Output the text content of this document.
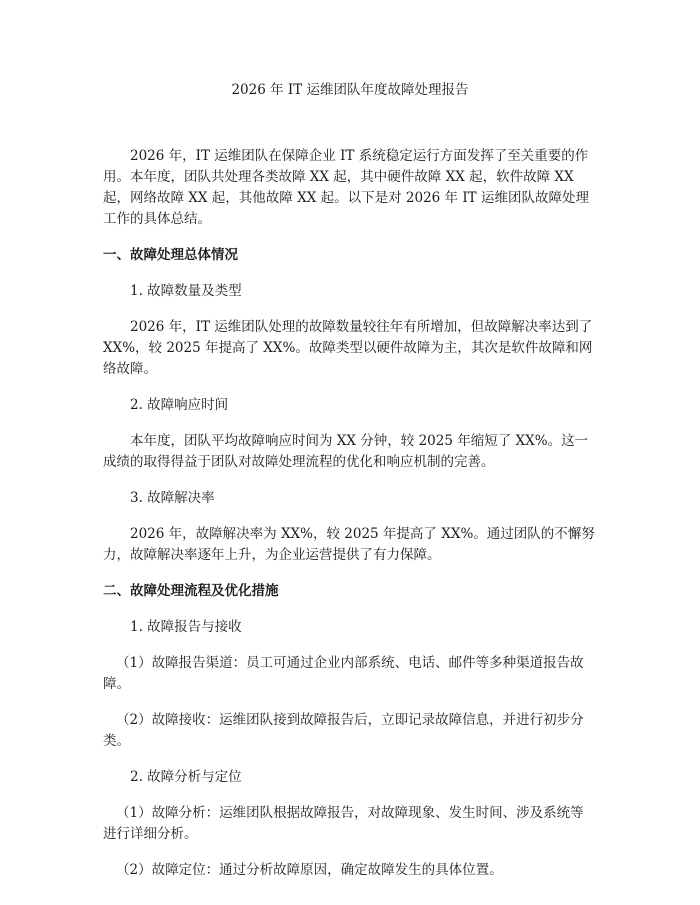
2026 年 IT 运维团队年度故障处理报告

2026 年，IT 运维团队在保障企业 IT 系统稳定运行方面发挥了至关重要的作用。本年度，团队共处理各类故障 XX 起，其中硬件故障 XX 起，软件故障 XX 起，网络故障 XX 起，其他故障 XX 起。以下是对 2026 年 IT 运维团队故障处理工作的具体总结。

一、故障处理总体情况

1. 故障数量及类型

2026 年，IT 运维团队处理的故障数量较往年有所增加，但故障解决率达到了 XX%，较 2025 年提高了 XX%。故障类型以硬件故障为主，其次是软件故障和网络故障。

2. 故障响应时间

本年度，团队平均故障响应时间为 XX 分钟，较 2025 年缩短了 XX%。这一成绩的取得得益于团队对故障处理流程的优化和响应机制的完善。

3. 故障解决率

2026 年，故障解决率为 XX%，较 2025 年提高了 XX%。通过团队的不懈努力，故障解决率逐年上升，为企业运营提供了有力保障。

二、故障处理流程及优化措施

1. 故障报告与接收

（1）故障报告渠道：员工可通过企业内部系统、电话、邮件等多种渠道报告故障。

（2）故障接收：运维团队接到故障报告后，立即记录故障信息，并进行初步分类。

2. 故障分析与定位

（1）故障分析：运维团队根据故障报告，对故障现象、发生时间、涉及系统等进行详细分析。

（2）故障定位：通过分析故障原因，确定故障发生的具体位置。
